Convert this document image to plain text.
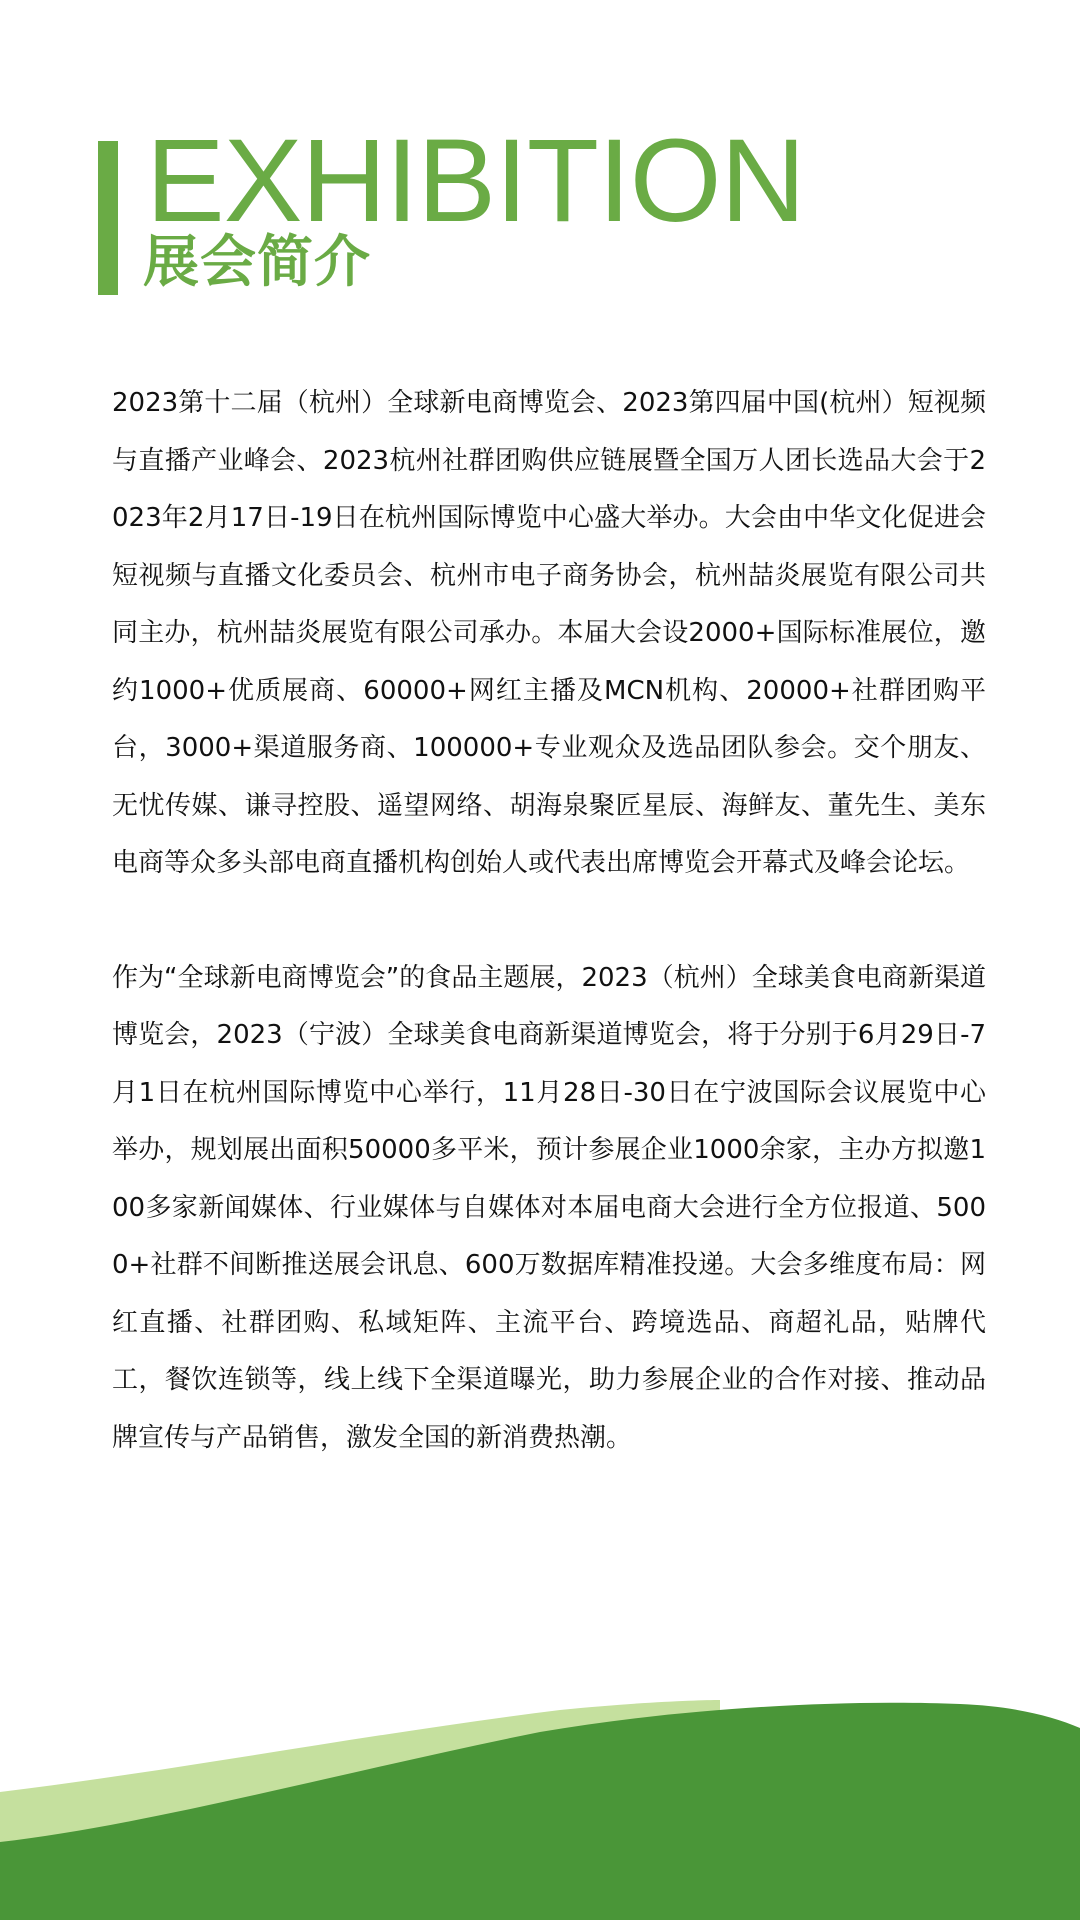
EXHIBITION
展会简介

2023第十二届（杭州）全球新电商博览会、2023第四届中国(杭州）短视频与直播产业峰会、2023杭州社群团购供应链展暨全国万人团长选品大会于2023年2月17日-19日在杭州国际博览中心盛大举办。大会由中华文化促进会短视频与直播文化委员会、杭州市电子商务协会，杭州喆炎展览有限公司共同主办，杭州喆炎展览有限公司承办。本届大会设2000+国际标准展位，邀约1000+优质展商、60000+网红主播及MCN机构、20000+社群团购平台，3000+渠道服务商、100000+专业观众及选品团队参会。交个朋友、无忧传媒、谦寻控股、遥望网络、胡海泉聚匠星辰、海鲜友、董先生、美东电商等众多头部电商直播机构创始人或代表出席博览会开幕式及峰会论坛。

作为“全球新电商博览会”的食品主题展，2023（杭州）全球美食电商新渠道博览会，2023（宁波）全球美食电商新渠道博览会，将于分别于6月29日-7月1日在杭州国际博览中心举行，11月28日-30日在宁波国际会议展览中心举办，规划展出面积50000多平米，预计参展企业1000余家，主办方拟邀100多家新闻媒体、行业媒体与自媒体对本届电商大会进行全方位报道、5000+社群不间断推送展会讯息、600万数据库精准投递。大会多维度布局：网红直播、社群团购、私域矩阵、主流平台、跨境选品、商超礼品，贴牌代工，餐饮连锁等，线上线下全渠道曝光，助力参展企业的合作对接、推动品牌宣传与产品销售，激发全国的新消费热潮。
